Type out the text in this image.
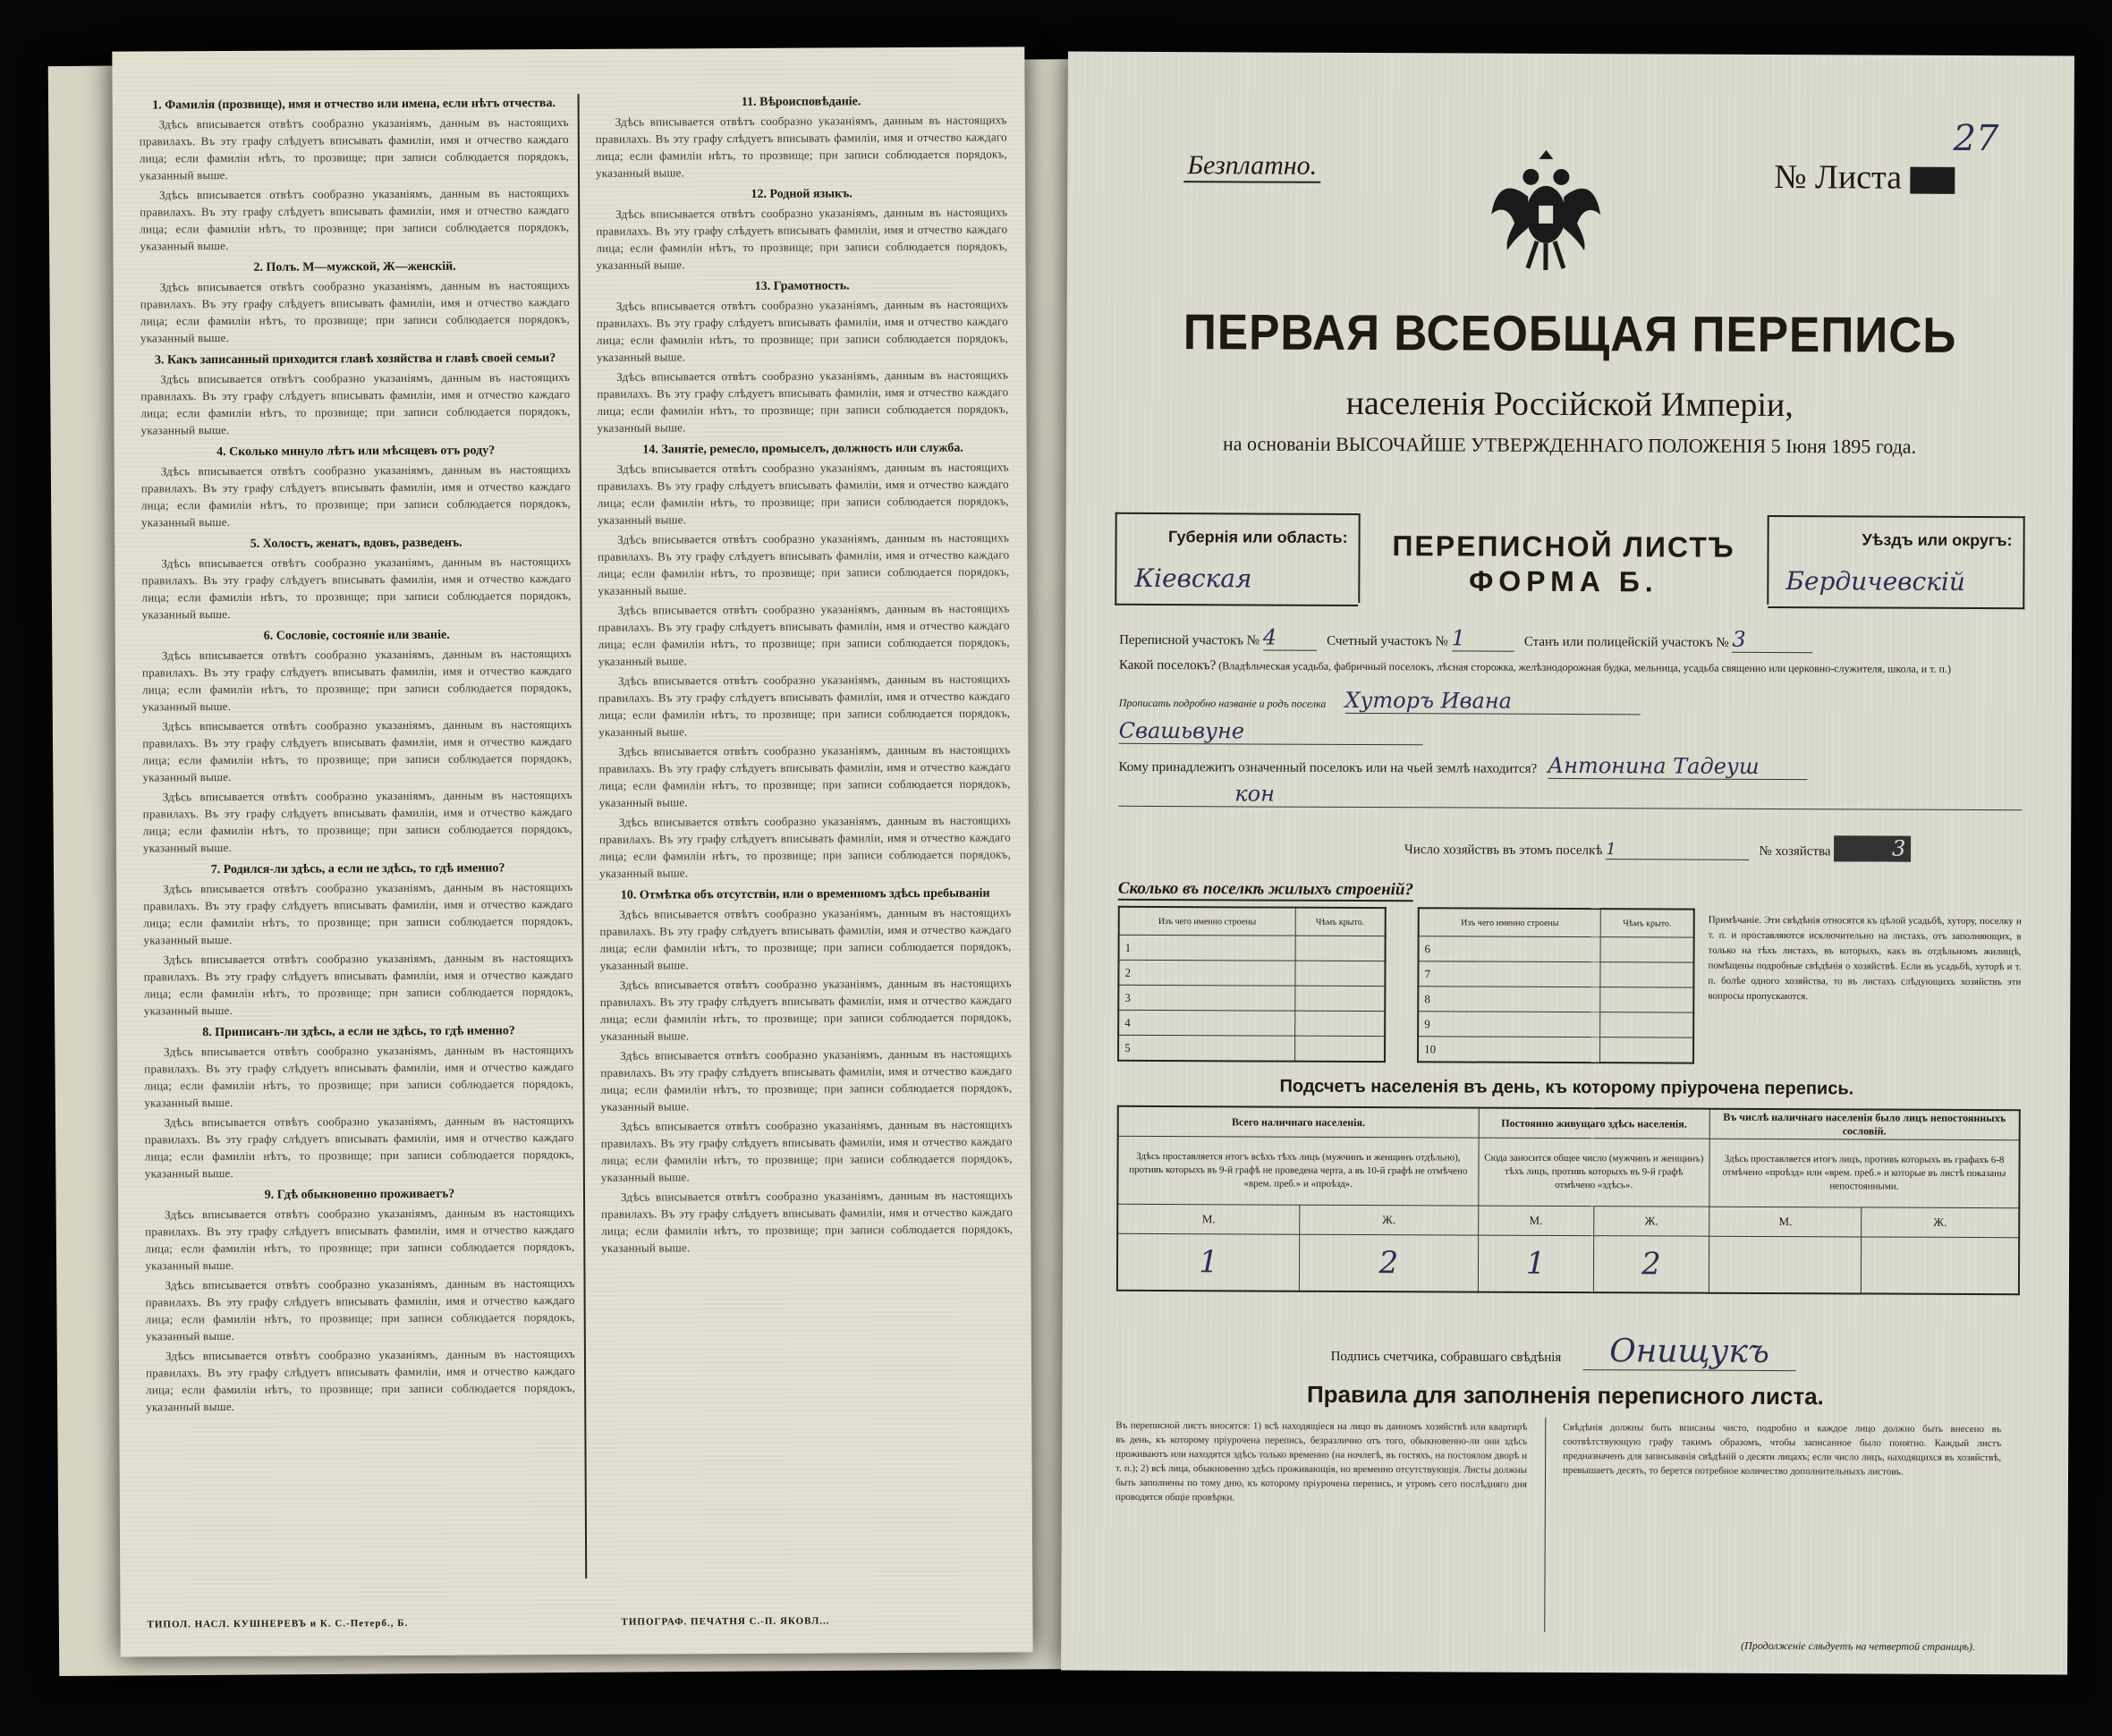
1. Фамилія (прозвище), имя и отчество или имена, если нѣтъ отчества.

Здѣсь вписывается отвѣтъ сообразно указаніямъ, данным въ настоящихъ правилахъ. Въ эту графу слѣдуетъ вписывать фамиліи, имя и отчество каждаго лица; если фамиліи нѣтъ, то прозвище; при записи соблюдается порядокъ, указанный выше.

Здѣсь вписывается отвѣтъ сообразно указаніямъ, данным въ настоящихъ правилахъ. Въ эту графу слѣдуетъ вписывать фамиліи, имя и отчество каждаго лица; если фамиліи нѣтъ, то прозвище; при записи соблюдается порядокъ, указанный выше.

2. Полъ. М—мужской, Ж—женскій.

Здѣсь вписывается отвѣтъ сообразно указаніямъ, данным въ настоящихъ правилахъ. Въ эту графу слѣдуетъ вписывать фамиліи, имя и отчество каждаго лица; если фамиліи нѣтъ, то прозвище; при записи соблюдается порядокъ, указанный выше.

3. Какъ записанный приходится главѣ хозяйства и главѣ своей семьи?

Здѣсь вписывается отвѣтъ сообразно указаніямъ, данным въ настоящихъ правилахъ. Въ эту графу слѣдуетъ вписывать фамиліи, имя и отчество каждаго лица; если фамиліи нѣтъ, то прозвище; при записи соблюдается порядокъ, указанный выше.

4. Сколько минуло лѣтъ или мѣсяцевъ отъ роду?

Здѣсь вписывается отвѣтъ сообразно указаніямъ, данным въ настоящихъ правилахъ. Въ эту графу слѣдуетъ вписывать фамиліи, имя и отчество каждаго лица; если фамиліи нѣтъ, то прозвище; при записи соблюдается порядокъ, указанный выше.

5. Холостъ, женатъ, вдовъ, разведенъ.

Здѣсь вписывается отвѣтъ сообразно указаніямъ, данным въ настоящихъ правилахъ. Въ эту графу слѣдуетъ вписывать фамиліи, имя и отчество каждаго лица; если фамиліи нѣтъ, то прозвище; при записи соблюдается порядокъ, указанный выше.

6. Сословіе, состояніе или званіе.

Здѣсь вписывается отвѣтъ сообразно указаніямъ, данным въ настоящихъ правилахъ. Въ эту графу слѣдуетъ вписывать фамиліи, имя и отчество каждаго лица; если фамиліи нѣтъ, то прозвище; при записи соблюдается порядокъ, указанный выше.

Здѣсь вписывается отвѣтъ сообразно указаніямъ, данным въ настоящихъ правилахъ. Въ эту графу слѣдуетъ вписывать фамиліи, имя и отчество каждаго лица; если фамиліи нѣтъ, то прозвище; при записи соблюдается порядокъ, указанный выше.

Здѣсь вписывается отвѣтъ сообразно указаніямъ, данным въ настоящихъ правилахъ. Въ эту графу слѣдуетъ вписывать фамиліи, имя и отчество каждаго лица; если фамиліи нѣтъ, то прозвище; при записи соблюдается порядокъ, указанный выше.

7. Родился-ли здѣсь, а если не здѣсь, то гдѣ именно?

Здѣсь вписывается отвѣтъ сообразно указаніямъ, данным въ настоящихъ правилахъ. Въ эту графу слѣдуетъ вписывать фамиліи, имя и отчество каждаго лица; если фамиліи нѣтъ, то прозвище; при записи соблюдается порядокъ, указанный выше.

Здѣсь вписывается отвѣтъ сообразно указаніямъ, данным въ настоящихъ правилахъ. Въ эту графу слѣдуетъ вписывать фамиліи, имя и отчество каждаго лица; если фамиліи нѣтъ, то прозвище; при записи соблюдается порядокъ, указанный выше.

8. Приписанъ-ли здѣсь, а если не здѣсь, то гдѣ именно?

Здѣсь вписывается отвѣтъ сообразно указаніямъ, данным въ настоящихъ правилахъ. Въ эту графу слѣдуетъ вписывать фамиліи, имя и отчество каждаго лица; если фамиліи нѣтъ, то прозвище; при записи соблюдается порядокъ, указанный выше.

Здѣсь вписывается отвѣтъ сообразно указаніямъ, данным въ настоящихъ правилахъ. Въ эту графу слѣдуетъ вписывать фамиліи, имя и отчество каждаго лица; если фамиліи нѣтъ, то прозвище; при записи соблюдается порядокъ, указанный выше.

9. Гдѣ обыкновенно проживаетъ?

Здѣсь вписывается отвѣтъ сообразно указаніямъ, данным въ настоящихъ правилахъ. Въ эту графу слѣдуетъ вписывать фамиліи, имя и отчество каждаго лица; если фамиліи нѣтъ, то прозвище; при записи соблюдается порядокъ, указанный выше.

Здѣсь вписывается отвѣтъ сообразно указаніямъ, данным въ настоящихъ правилахъ. Въ эту графу слѣдуетъ вписывать фамиліи, имя и отчество каждаго лица; если фамиліи нѣтъ, то прозвище; при записи соблюдается порядокъ, указанный выше.

Здѣсь вписывается отвѣтъ сообразно указаніямъ, данным въ настоящихъ правилахъ. Въ эту графу слѣдуетъ вписывать фамиліи, имя и отчество каждаго лица; если фамиліи нѣтъ, то прозвище; при записи соблюдается порядокъ, указанный выше.

11. Вѣроисповѣданіе.

Здѣсь вписывается отвѣтъ сообразно указаніямъ, данным въ настоящихъ правилахъ. Въ эту графу слѣдуетъ вписывать фамиліи, имя и отчество каждаго лица; если фамиліи нѣтъ, то прозвище; при записи соблюдается порядокъ, указанный выше.

12. Родной языкъ.

Здѣсь вписывается отвѣтъ сообразно указаніямъ, данным въ настоящихъ правилахъ. Въ эту графу слѣдуетъ вписывать фамиліи, имя и отчество каждаго лица; если фамиліи нѣтъ, то прозвище; при записи соблюдается порядокъ, указанный выше.

13. Грамотность.

Здѣсь вписывается отвѣтъ сообразно указаніямъ, данным въ настоящихъ правилахъ. Въ эту графу слѣдуетъ вписывать фамиліи, имя и отчество каждаго лица; если фамиліи нѣтъ, то прозвище; при записи соблюдается порядокъ, указанный выше.

Здѣсь вписывается отвѣтъ сообразно указаніямъ, данным въ настоящихъ правилахъ. Въ эту графу слѣдуетъ вписывать фамиліи, имя и отчество каждаго лица; если фамиліи нѣтъ, то прозвище; при записи соблюдается порядокъ, указанный выше.

14. Занятіе, ремесло, промыселъ, должность или служба.

Здѣсь вписывается отвѣтъ сообразно указаніямъ, данным въ настоящихъ правилахъ. Въ эту графу слѣдуетъ вписывать фамиліи, имя и отчество каждаго лица; если фамиліи нѣтъ, то прозвище; при записи соблюдается порядокъ, указанный выше.

Здѣсь вписывается отвѣтъ сообразно указаніямъ, данным въ настоящихъ правилахъ. Въ эту графу слѣдуетъ вписывать фамиліи, имя и отчество каждаго лица; если фамиліи нѣтъ, то прозвище; при записи соблюдается порядокъ, указанный выше.

Здѣсь вписывается отвѣтъ сообразно указаніямъ, данным въ настоящихъ правилахъ. Въ эту графу слѣдуетъ вписывать фамиліи, имя и отчество каждаго лица; если фамиліи нѣтъ, то прозвище; при записи соблюдается порядокъ, указанный выше.

Здѣсь вписывается отвѣтъ сообразно указаніямъ, данным въ настоящихъ правилахъ. Въ эту графу слѣдуетъ вписывать фамиліи, имя и отчество каждаго лица; если фамиліи нѣтъ, то прозвище; при записи соблюдается порядокъ, указанный выше.

Здѣсь вписывается отвѣтъ сообразно указаніямъ, данным въ настоящихъ правилахъ. Въ эту графу слѣдуетъ вписывать фамиліи, имя и отчество каждаго лица; если фамиліи нѣтъ, то прозвище; при записи соблюдается порядокъ, указанный выше.

Здѣсь вписывается отвѣтъ сообразно указаніямъ, данным въ настоящихъ правилахъ. Въ эту графу слѣдуетъ вписывать фамиліи, имя и отчество каждаго лица; если фамиліи нѣтъ, то прозвище; при записи соблюдается порядокъ, указанный выше.

10. Отмѣтка объ отсутствіи, или о временномъ здѣсь пребываніи

Здѣсь вписывается отвѣтъ сообразно указаніямъ, данным въ настоящихъ правилахъ. Въ эту графу слѣдуетъ вписывать фамиліи, имя и отчество каждаго лица; если фамиліи нѣтъ, то прозвище; при записи соблюдается порядокъ, указанный выше.

Здѣсь вписывается отвѣтъ сообразно указаніямъ, данным въ настоящихъ правилахъ. Въ эту графу слѣдуетъ вписывать фамиліи, имя и отчество каждаго лица; если фамиліи нѣтъ, то прозвище; при записи соблюдается порядокъ, указанный выше.

Здѣсь вписывается отвѣтъ сообразно указаніямъ, данным въ настоящихъ правилахъ. Въ эту графу слѣдуетъ вписывать фамиліи, имя и отчество каждаго лица; если фамиліи нѣтъ, то прозвище; при записи соблюдается порядокъ, указанный выше.

Здѣсь вписывается отвѣтъ сообразно указаніямъ, данным въ настоящихъ правилахъ. Въ эту графу слѣдуетъ вписывать фамиліи, имя и отчество каждаго лица; если фамиліи нѣтъ, то прозвище; при записи соблюдается порядокъ, указанный выше.

Здѣсь вписывается отвѣтъ сообразно указаніямъ, данным въ настоящихъ правилахъ. Въ эту графу слѣдуетъ вписывать фамиліи, имя и отчество каждаго лица; если фамиліи нѣтъ, то прозвище; при записи соблюдается порядокъ, указанный выше.

ТИПОЛ. НАСЛ. КУШНЕРЕВЪ и К. С.-Петерб., Б.	ТИПОГРАФ. ПЕЧАТНЯ С.-П. ЯКОВЛ...
Безплатно.	№ Листа
27
ПЕРВАЯ ВСЕОБЩАЯ ПЕРЕПИСЬ
населенія Россійской Имперіи,
на основаніи ВЫСОЧАЙШЕ УТВЕРЖДЕННАГО ПОЛОЖЕНІЯ 5 Іюня 1895 года.
Губернія или область:
Кіевская
ПЕРЕПИСНОЙ ЛИСТЪ
ФОРМА Б.
Уѣздъ или округъ:
Бердичевскій
Переписной участокъ № 4	Счетный участокъ № 1	Станъ или полицейскій участокъ № 3
Какой поселокъ? (Владѣльческая усадьба, фабричный поселокъ, лѣсная сторожка, желѣзнодорожная будка, мельница, усадьба священно или церковно-служителя, школа, и т. п.)
Прописать подробно названіе и родъ поселка Хуторъ Ивана
Свашьвуне
Кому принадлежитъ означенный поселокъ или на чьей землѣ находится? Антонина Тадеуш
кон
Число хозяйствъ въ этомъ поселкѣ 1	№ хозяйства	3
Сколько въ поселкѣ жилыхъ строеній?
Изъ чего именно строены	Чѣмъ крыто.
1	
2	
3	
4	
5	
Изъ чего именно строены	Чѣмъ крыто.
6	
7	
8	
9	
10	
Примѣчаніе. Эти свѣдѣнія относятся къ цѣлой усадьбѣ, хутору, поселку и т. п. и проставляются исключительно на листахъ, отъ заполняющих, в только на тѣхъ листахъ, въ которыхъ, какъ въ отдѣльномъ жилищѣ, помѣщены подробные свѣдѣнія о хозяйствѣ. Если въ усадьбѣ, хуторѣ и т. п. болѣе одного хозяйства, то въ листахъ слѣдующихъ хозяйствъ эти вопросы пропускаются.
Подсчетъ населенія въ день, къ которому пріурочена перепись.
Всего наличнаго населенія.		Постоянно живущаго здѣсь населенія.		Въ числѣ наличнаго населенія было лицъ непостоянныхъ сословій.	
Здѣсь проставляется итогъ всѣхъ тѣхъ лицъ (мужчинъ и женщинъ отдѣльно), противъ которыхъ въ 9-й графѣ не проведена черта, а въ 10-й графѣ не отмѣчено «врем. преб.» и «проѣзд».		Сюда заносится общее число (мужчинъ и женщинъ) тѣхъ лицъ, противъ которыхъ въ 9-й графѣ отмѣчено «здѣсь».		Здѣсь проставляется итогъ лицъ, противъ которыхъ въ графахъ 6-8 отмѣчено «проѣзд» или «врем. преб.» и которые въ листѣ показаны непостоянными.	
М.	Ж.	М.	Ж.	М.	Ж.
1	2	1	2		
Подпись счетчика, собравшаго свѣдѣнія Онищукъ
Правила для заполненія переписного листа.
Въ переписной листъ вносятся: 1) всѣ находящіеся на лицо въ данномъ хозяйствѣ или квартирѣ въ день, къ которому пріурочена перепись, безразлично отъ того, обыкновенно-ли они здѣсь проживаютъ или находятся здѣсь только временно (на ночлегѣ, въ гостяхъ, на постоялом дворѣ и т. п.); 2) всѣ лица, обыкновенно здѣсь проживающія, но временно отсутствующія. Листы должны быть заполнены по тому дню, къ которому пріурочена перепись, и утромъ сего послѣдняго дня проводятся общіе провѣрки.
Свѣдѣнія должны быть вписаны чисто, подробно и каждое лицо должно быть внесено въ соотвѣтствующую графу такимъ образомъ, чтобы записанное было понятно. Каждый листъ предназначенъ для записыванія свѣдѣній о десяти лицахъ; если число лицъ, находящихся въ хозяйствѣ, превышаетъ десять, то берется потребное количество дополнительныхъ листовъ.
(Продолженіе слѣдуетъ на четвертой страницѣ).
